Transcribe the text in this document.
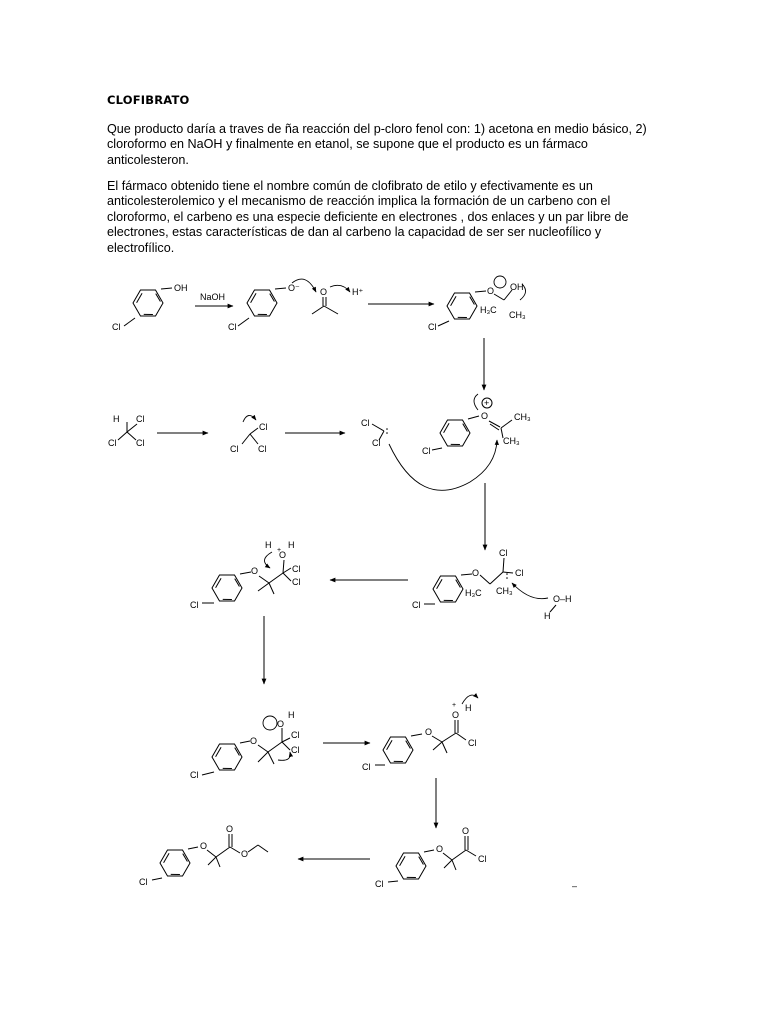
CLOFIBRATO
Que producto daría a traves de ña reacción del p-cloro fenol con: 1) acetona en medio básico, 2) cloroformo en NaOH y finalmente en etanol, se supone que el producto es un fármaco anticolesteron.
El fármaco obtenido tiene el nombre común de clofibrato de etilo y efectivamente es un anticolesterolemico y el mecanismo de reacción implica la formación de un carbeno con el cloroformo, el carbeno es una especie deficiente en electrones , dos enlaces y un par libre de electrones, estas características de dan al carbeno la capacidad de ser ser nucleofílico y electrofílico.
Cl
OH
NaOH
Cl
O⁻ O	H⁺
Cl
O OH
H₃C CH₃
H Cl
Cl Cl
Cl
Cl Cl
Cl
Cl
Cl
+
O	CH₃
CH₃
Cl
O
Cl
Cl
H₃C CH₃
O–H
H
Cl
O	Cl
Cl
O
H H
+
Cl
O
Cl
Cl
O
H
Cl
O
Cl
O
+ H
Cl
O
Cl
O
Cl
O
O
O
–
